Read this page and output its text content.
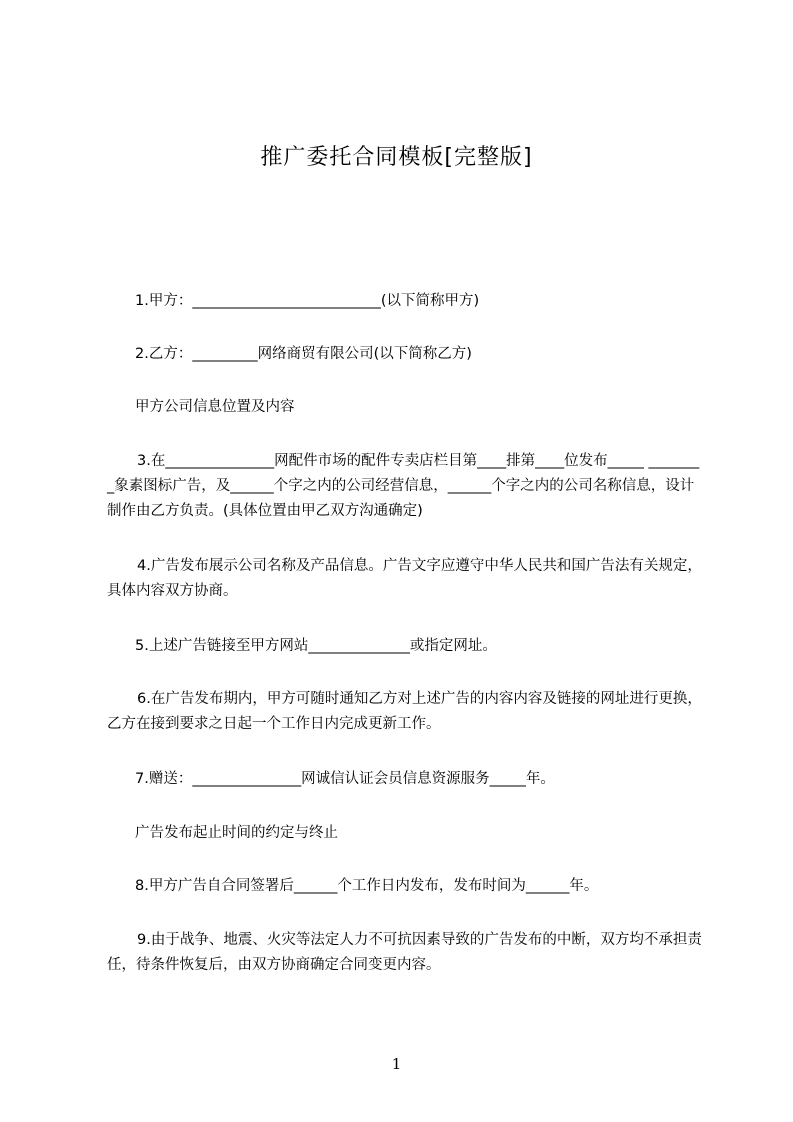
推广委托合同模板[完整版]
1.甲方：__________________________(以下简称甲方)
2.乙方：_________网络商贸有限公司(以下简称乙方)
甲方公司信息位置及内容
3.在_______________网配件市场的配件专卖店栏目第____排第____位发布_____ ________象素图标广告，及______个字之内的公司经营信息，______个字之内的公司名称信息，设计制作由乙方负责。(具体位置由甲乙双方沟通确定)
4.广告发布展示公司名称及产品信息。广告文字应遵守中华人民共和国广告法有关规定，具体内容双方协商。
5.上述广告链接至甲方网站______________或指定网址。
6.在广告发布期内，甲方可随时通知乙方对上述广告的内容内容及链接的网址进行更换，乙方在接到要求之日起一个工作日内完成更新工作。
7.赠送：_______________网诚信认证会员信息资源服务_____年。
广告发布起止时间的约定与终止
8.甲方广告自合同签署后______个工作日内发布，发布时间为______年。
9.由于战争、地震、火灾等法定人力不可抗因素导致的广告发布的中断，双方均不承担责任，待条件恢复后，由双方协商确定合同变更内容。
1
